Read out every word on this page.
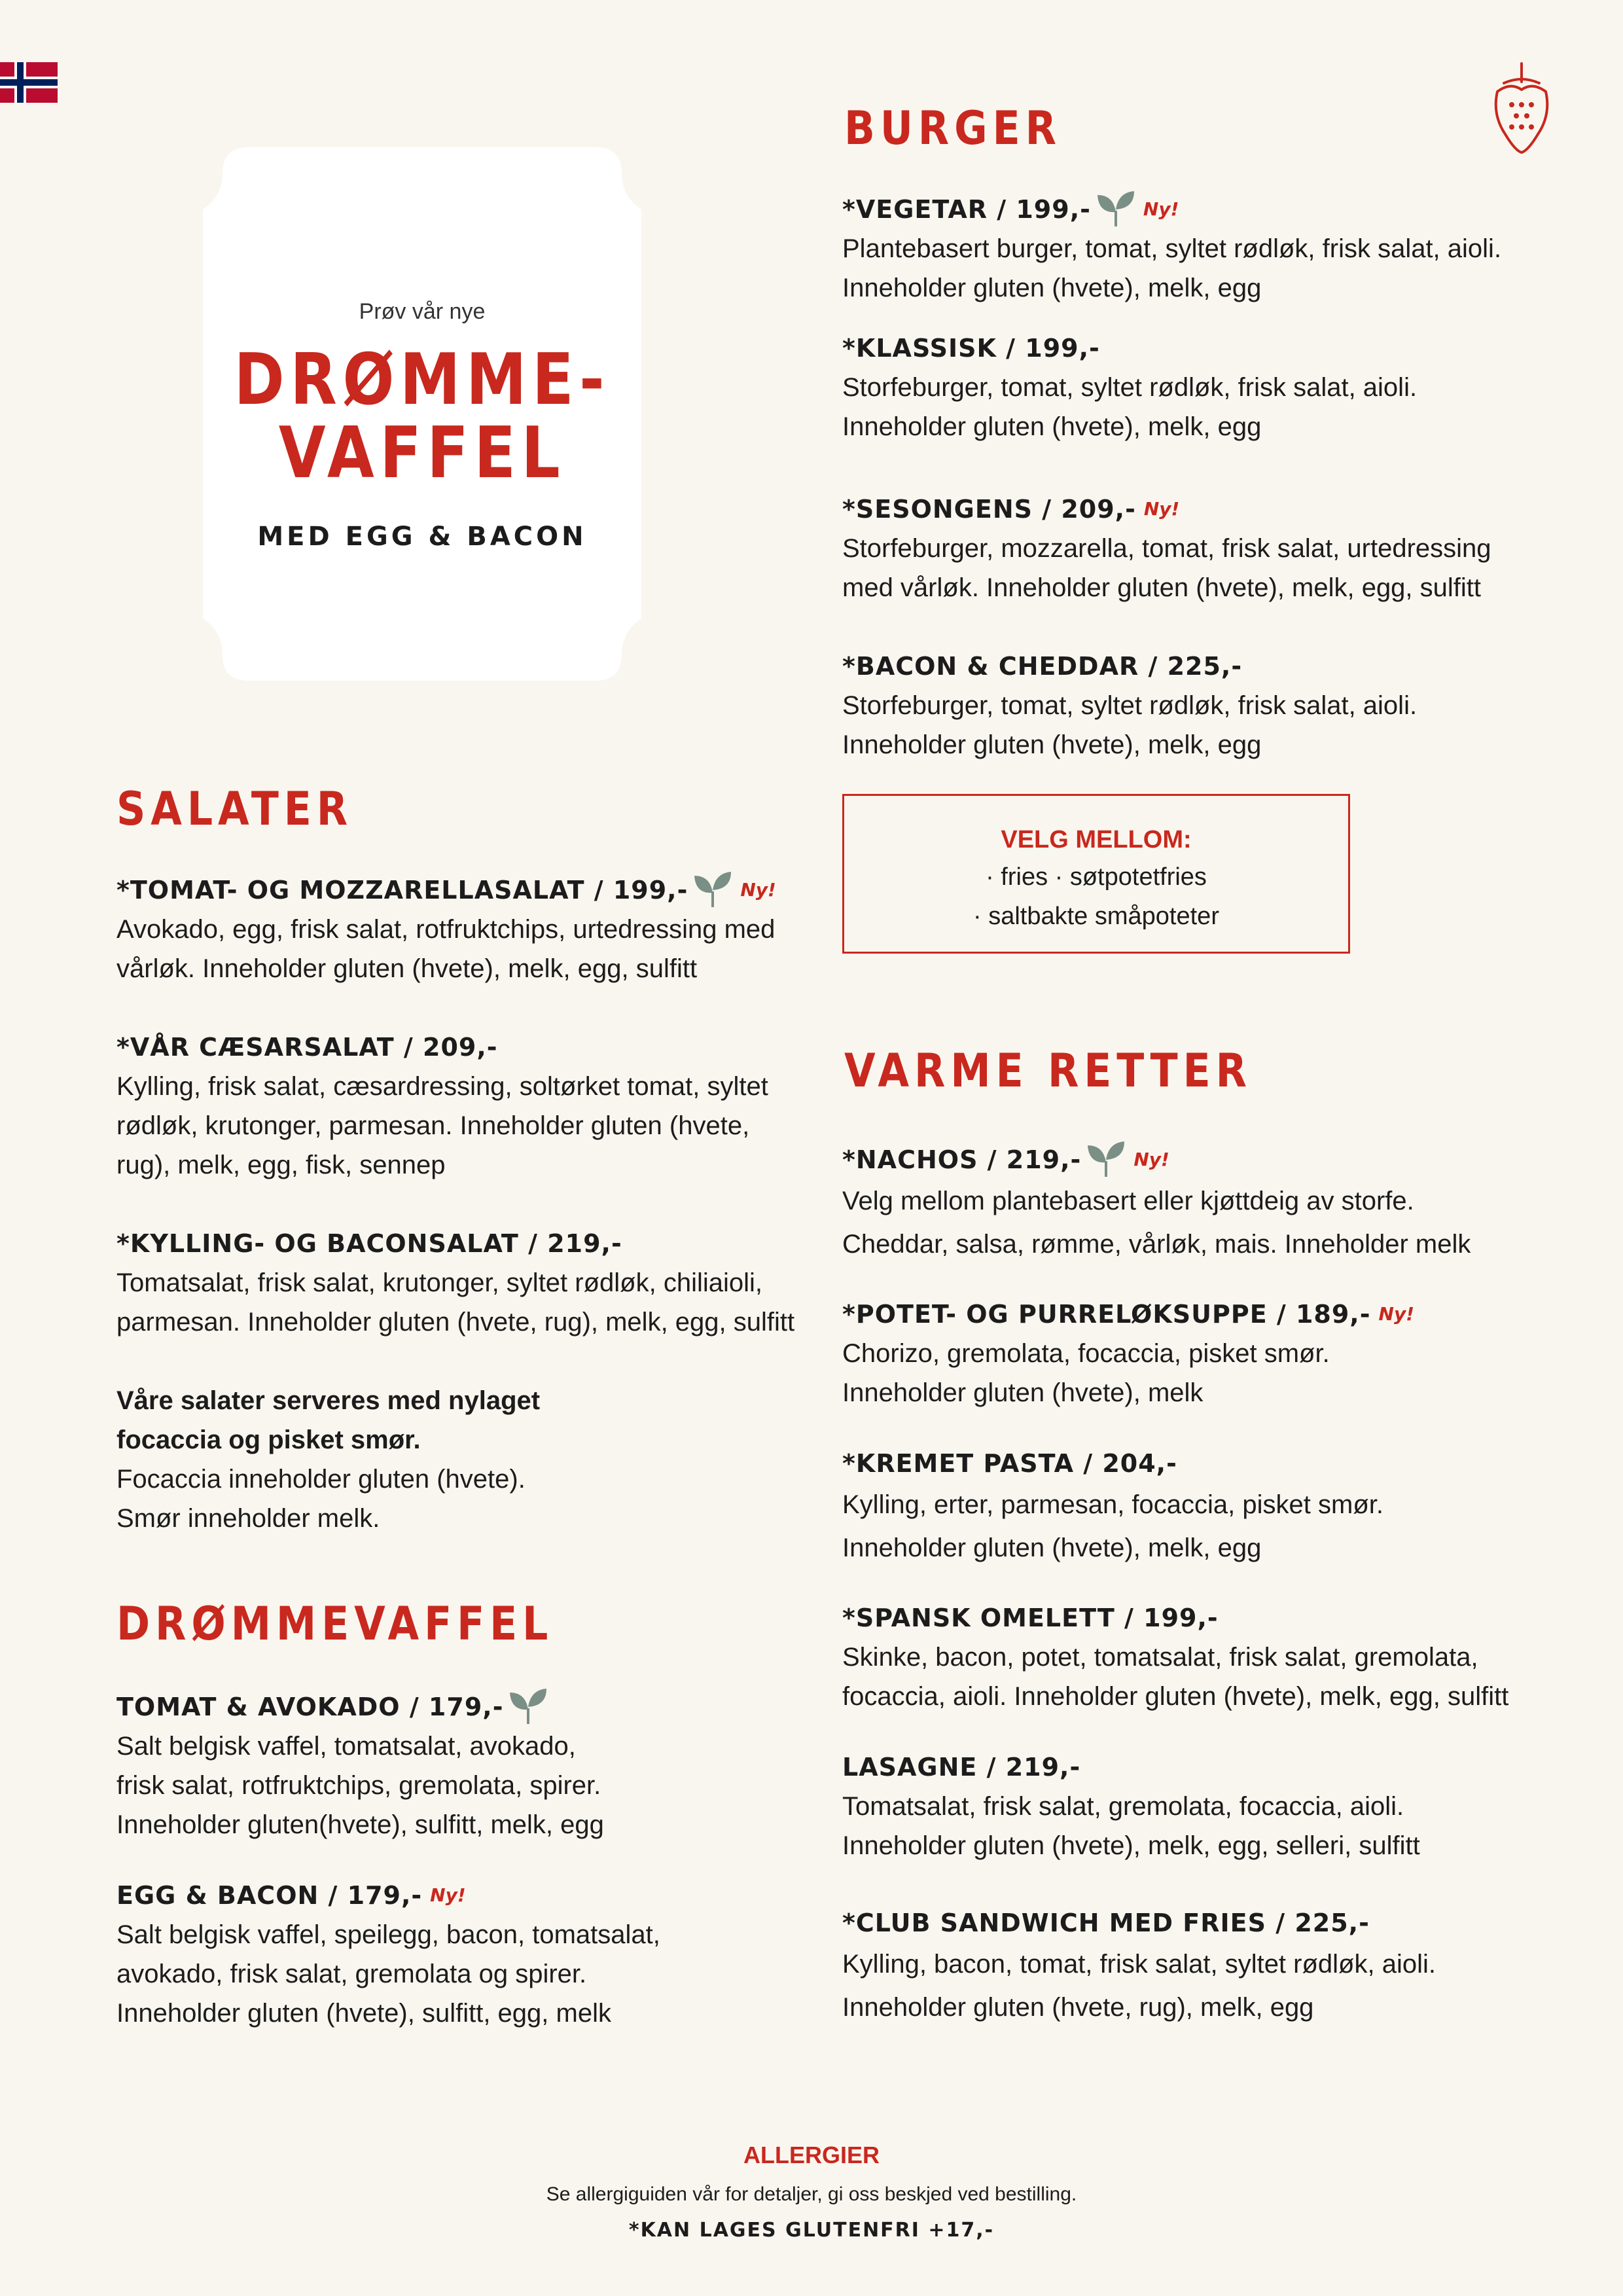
Prøv vår nye
DRØMME-
VAFFEL
MED EGG & BACON
SALATER
*TOMAT- OG MOZZARELLASALAT / 199,-	Ny!
Avokado, egg, frisk salat, rotfruktchips, urtedressing med
vårløk. Inneholder gluten (hvete), melk, egg, sulfitt
*VÅR CÆSARSALAT / 209,-
Kylling, frisk salat, cæsardressing, soltørket tomat, syltet
rødløk, krutonger, parmesan. Inneholder gluten (hvete,
rug), melk, egg, fisk, sennep
*KYLLING- OG BACONSALAT / 219,-
Tomatsalat, frisk salat, krutonger, syltet rødløk, chiliaioli,
parmesan. Inneholder gluten (hvete, rug), melk, egg, sulfitt
Våre salater serveres med nylaget
focaccia og pisket smør.
Focaccia inneholder gluten (hvete).
Smør inneholder melk.
DRØMMEVAFFEL
TOMAT & AVOKADO / 179,-
Salt belgisk vaffel, tomatsalat, avokado,
frisk salat, rotfruktchips, gremolata, spirer.
Inneholder gluten(hvete), sulfitt, melk, egg
EGG & BACON / 179,- Ny!
Salt belgisk vaffel, speilegg, bacon, tomatsalat,
avokado, frisk salat, gremolata og spirer.
Inneholder gluten (hvete), sulfitt, egg, melk
BURGER
*VEGETAR / 199,-	Ny!
Plantebasert burger, tomat, syltet rødløk, frisk salat, aioli.
Inneholder gluten (hvete), melk, egg
*KLASSISK / 199,-
Storfeburger, tomat, syltet rødløk, frisk salat, aioli.
Inneholder gluten (hvete), melk, egg
*SESONGENS / 209,- Ny!
Storfeburger, mozzarella, tomat, frisk salat, urtedressing
med vårløk. Inneholder gluten (hvete), melk, egg, sulfitt
*BACON & CHEDDAR / 225,-
Storfeburger, tomat, syltet rødløk, frisk salat, aioli.
Inneholder gluten (hvete), melk, egg
VELG MELLOM:
· fries · søtpotetfries
· saltbakte småpoteter
VARME RETTER
*NACHOS / 219,-	Ny!
Velg mellom plantebasert eller kjøttdeig av storfe.
Cheddar, salsa, rømme, vårløk, mais. Inneholder melk
*POTET- OG PURRELØKSUPPE / 189,- Ny!
Chorizo, gremolata, focaccia, pisket smør.
Inneholder gluten (hvete), melk
*KREMET PASTA / 204,-
Kylling, erter, parmesan, focaccia, pisket smør.
Inneholder gluten (hvete), melk, egg
*SPANSK OMELETT / 199,-
Skinke, bacon, potet, tomatsalat, frisk salat, gremolata,
focaccia, aioli. Inneholder gluten (hvete), melk, egg, sulfitt
LASAGNE / 219,-
Tomatsalat, frisk salat, gremolata, focaccia, aioli.
Inneholder gluten (hvete), melk, egg, selleri, sulfitt
*CLUB SANDWICH MED FRIES / 225,-
Kylling, bacon, tomat, frisk salat, syltet rødløk, aioli.
Inneholder gluten (hvete, rug), melk, egg
ALLERGIER
Se allergiguiden vår for detaljer, gi oss beskjed ved bestilling.
*KAN LAGES GLUTENFRI +17,-
